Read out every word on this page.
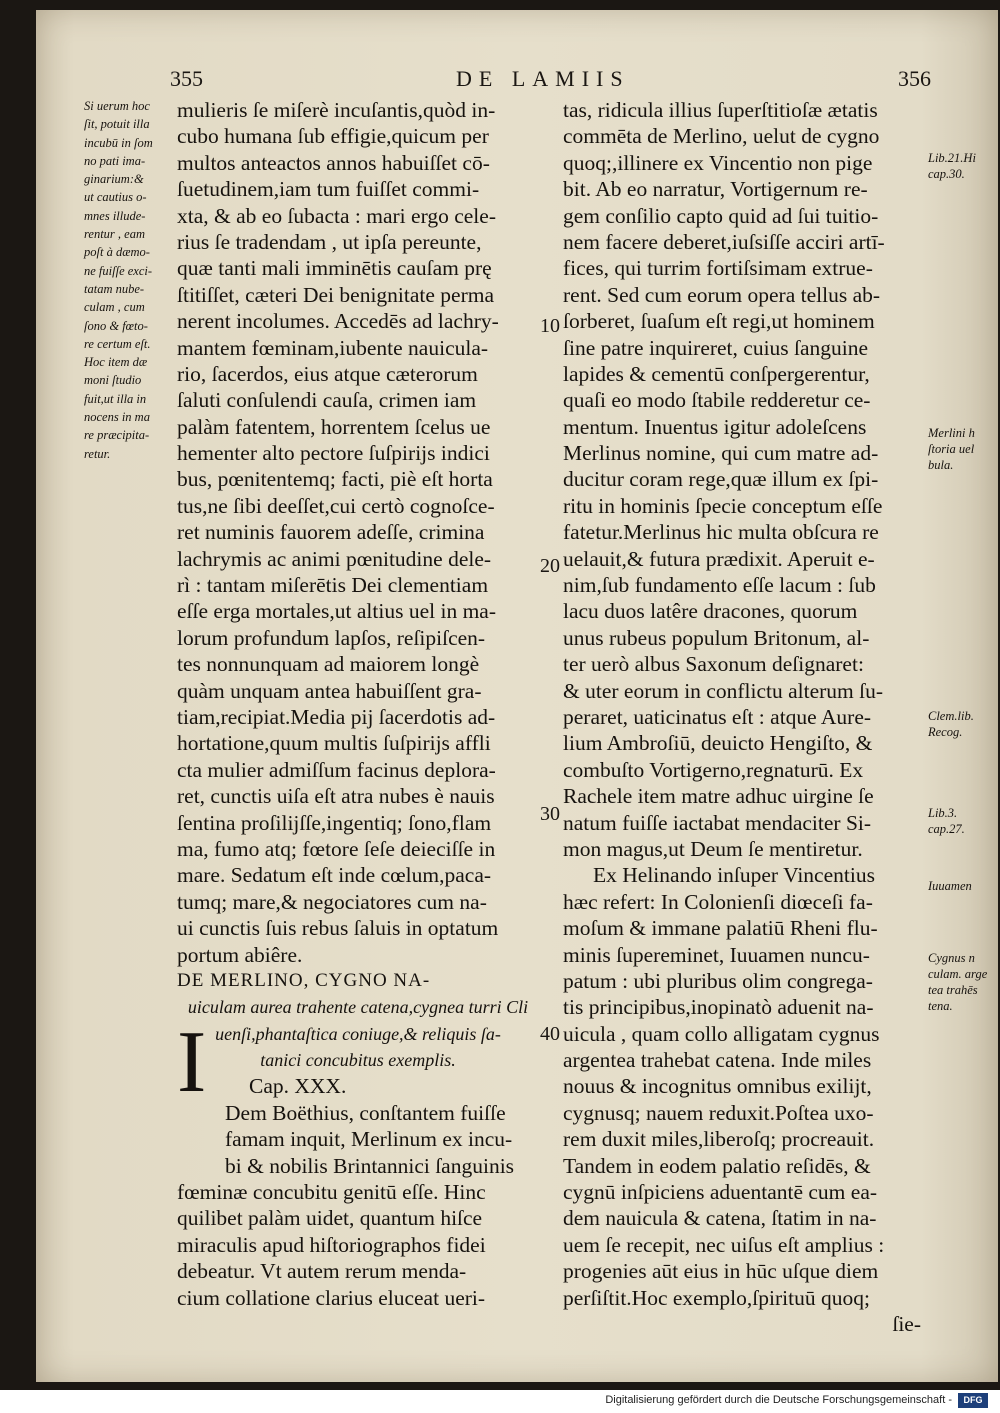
355	DE LAMIIS	356
Si uerum hoc
ſit, potuit illa
incubū in ſom
no pati ima-
ginarium:&
ut cautius o-
mnes illude-
rentur , eam
poſt à dæmo-
ne fuiſſe exci-
tatam nube-
culam , cum
ſono & fœto-
re certum eſt.
Hoc item dæ
moni ſtudio
fuit,ut illa in
nocens in ma
re præcipita-
retur.
mulieris ſe miſerè incuſantis,quòd in-
cubo humana ſub effigie,quicum per
multos anteactos annos habuiſſet cō-
ſuetudinem,iam tum fuiſſet commi-
xta, & ab eo ſubacta : mari ergo cele-
rius ſe tradendam , ut ipſa pereunte,
quæ tanti mali imminētis cauſam prę
ſtitiſſet, cæteri Dei benignitate perma
nerent incolumes. Accedēs ad lachry-
mantem fœminam,iubente nauicula-
rio, ſacerdos, eius atque cæterorum
ſaluti conſulendi cauſa, crimen iam
palàm fatentem, horrentem ſcelus ue
hementer alto pectore ſuſpirijs indici
bus, pœnitentemq; facti, piè eſt horta
tus,ne ſibi deeſſet,cui certò cognoſce-
ret numinis fauorem adeſſe, crimina
lachrymis ac animi pœnitudine dele-
rì : tantam miſerētis Dei clementiam
eſſe erga mortales,ut altius uel in ma-
lorum profundum lapſos, reſipiſcen-
tes nonnunquam ad maiorem longè
quàm unquam antea habuiſſent gra-
tiam,recipiat.Media pij ſacerdotis ad-
hortatione,quum multis ſuſpirijs affli
cta mulier admiſſum facinus deplora-
ret, cunctis uiſa eſt atra nubes è nauis
ſentina proſilijſſe,ingentiq; ſono,flam
ma, fumo atq; fœtore ſeſe deieciſſe in
mare. Sedatum eſt inde cœlum,paca-
tumq; mare,& negociatores cum na-
ui cunctis ſuis rebus ſaluis in optatum
portum abiêre.
DE MERLINO, CYGNO NA-
uiculam aurea trahente catena,cygnea turri Cli
uenſi,phantaſtica coniuge,& reliquis ſa-
tanici concubitus exemplis.
Cap. XXX.
Dem Boëthius, conſtantem fuiſſe
famam inquit, Merlinum ex incu-
bi & nobilis Brintannici ſanguinis
fœminæ concubitu genitū eſſe. Hinc
quilibet palàm uidet, quantum hiſce
miraculis apud hiſtoriographos fidei
debeatur. Vt autem rerum menda-
cium collatione clarius eluceat ueri-
I
tas, ridicula illius ſuperſtitioſæ ætatis
commēta de Merlino, uelut de cygno
quoq;,illinere ex Vincentio non pige
bit. Ab eo narratur, Vortigernum re-
gem conſilio capto quid ad ſui tuitio-
nem facere deberet,iuſsiſſe acciri artī-
fices, qui turrim fortiſsimam extrue-
rent. Sed cum eorum opera tellus ab-
ſorberet, ſuaſum eſt regi,ut hominem
ſine patre inquireret, cuius ſanguine
lapides & cementū conſpergerentur,
quaſi eo modo ſtabile redderetur ce-
mentum. Inuentus igitur adoleſcens
Merlinus nomine, qui cum matre ad-
ducitur coram rege,quæ illum ex ſpi-
ritu in hominis ſpecie conceptum eſſe
fatetur.Merlinus hic multa obſcura re
uelauit,& futura prædixit. Aperuit e-
nim,ſub fundamento eſſe lacum : ſub
lacu duos latêre dracones, quorum
unus rubeus populum Britonum, al-
ter uerò albus Saxonum deſignaret:
& uter eorum in conflictu alterum ſu-
peraret, uaticinatus eſt : atque Aure-
lium Ambroſiū, deuicto Hengiſto, &
combuſto Vortigerno,regnaturū. Ex
Rachele item matre adhuc uirgine ſe
natum fuiſſe iactabat mendaciter Si-
mon magus,ut Deum ſe mentiretur.
Ex Helinando inſuper Vincentius
hæc refert: In Colonienſi diœceſi fa-
moſum & immane palatiū Rheni flu-
minis ſupereminet, Iuuamen nuncu-
patum : ubi pluribus olim congrega-
tis principibus,inopinatò aduenit na-
uicula , quam collo alligatam cygnus
argentea trahebat catena. Inde miles
nouus & incognitus omnibus exilijt,
cygnusq; nauem reduxit.Poſtea uxo-
rem duxit miles,liberoſq; procreauit.
Tandem in eodem palatio reſidēs, &
cygnū inſpiciens aduentantē cum ea-
dem nauicula & catena, ſtatim in na-
uem ſe recepit, nec uiſus eſt amplius :
progenies aūt eius in hūc uſque diem
perſiſtit.Hoc exemplo,ſpirituū quoq;
ſie-
Lib.21.Hi
cap.30.
Merlini h
ſtoria uel
bula.
Clem.lib.
Recog.
Lib.3.
cap.27.
Iuuamen
Cygnus n
culam. arge
tea trahēs
tena.
10
20
30
40
Digitalisierung gefördert durch die Deutsche Forschungsgemeinschaft -	DFG
